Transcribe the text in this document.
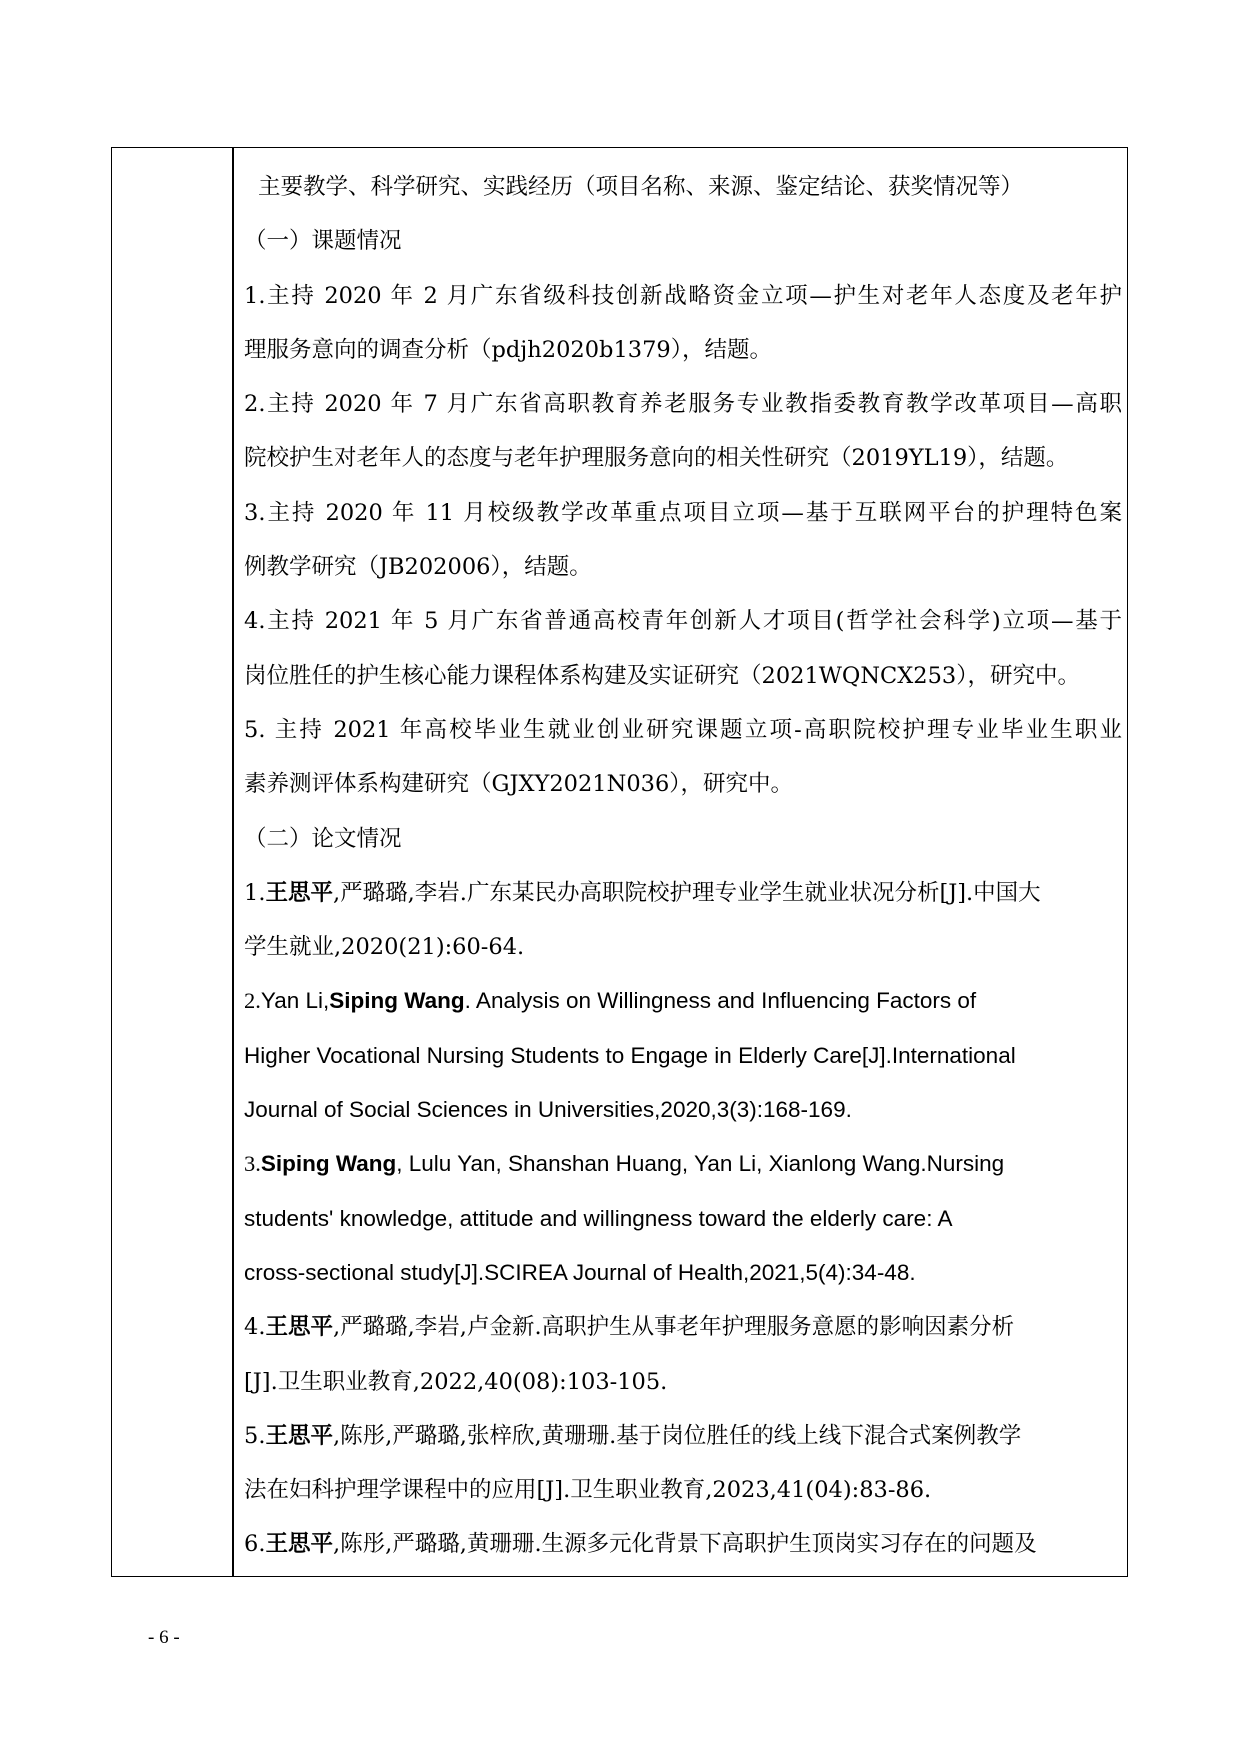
主要教学、科学研究、实践经历（项目名称、来源、鉴定结论、获奖情况等）
（一）课题情况
1.主持 2020 年 2 月广东省级科技创新战略资金立项—护生对老年人态度及老年护
理服务意向的调查分析（pdjh2020b1379），结题。
2.主持 2020 年 7 月广东省高职教育养老服务专业教指委教育教学改革项目—高职
院校护生对老年人的态度与老年护理服务意向的相关性研究（2019YL19），结题。
3.主持 2020 年 11 月校级教学改革重点项目立项—基于互联网平台的护理特色案
例教学研究（JB202006），结题。
4.主持 2021 年 5 月广东省普通高校青年创新人才项目(哲学社会科学)立项—基于
岗位胜任的护生核心能力课程体系构建及实证研究（2021WQNCX253），研究中。
5. 主持 2021 年高校毕业生就业创业研究课题立项-高职院校护理专业毕业生职业
素养测评体系构建研究（GJXY2021N036），研究中。
（二）论文情况
1.王思平,严璐璐,李岩.广东某民办高职院校护理专业学生就业状况分析[J].中国大
学生就业,2020(21):60-64.
2.Yan Li,Siping Wang. Analysis on Willingness and Influencing Factors of
Higher Vocational Nursing Students to Engage in Elderly Care[J].International
Journal of Social Sciences in Universities,2020,3(3):168-169.
3.Siping Wang, Lulu Yan, Shanshan Huang, Yan Li, Xianlong Wang.Nursing
students' knowledge, attitude and willingness toward the elderly care: A
cross-sectional study[J].SCIREA Journal of Health,2021,5(4):34-48.
4.王思平,严璐璐,李岩,卢金新.高职护生从事老年护理服务意愿的影响因素分析
[J].卫生职业教育,2022,40(08):103-105.
5.王思平,陈彤,严璐璐,张梓欣,黄珊珊.基于岗位胜任的线上线下混合式案例教学
法在妇科护理学课程中的应用[J].卫生职业教育,2023,41(04):83-86.
6.王思平,陈彤,严璐璐,黄珊珊.生源多元化背景下高职护生顶岗实习存在的问题及
- 6 -
